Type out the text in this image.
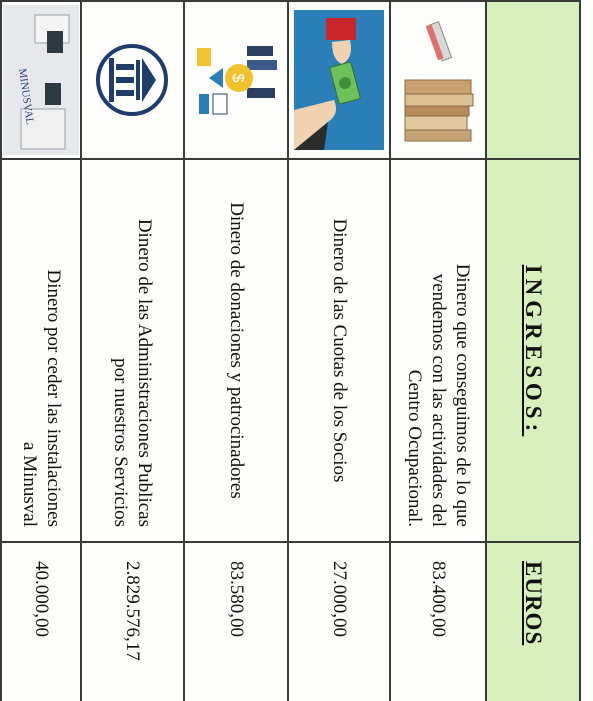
INGRESOS:
EUROS
Dinero que conseguimos de lo que
vendemos con las actividades del
Centro Ocupacional.
83.400,00
Dinero de las Cuotas de los Socios
27.000,00
$
Dinero de donaciones y patrocinadores
83.580,00
Dinero de las Administraciones Publicas
por nuestros Servicios
2.829.576,17
MINUSVAL
Dinero por ceder las instalaciones
a Minusval
40.000,00
